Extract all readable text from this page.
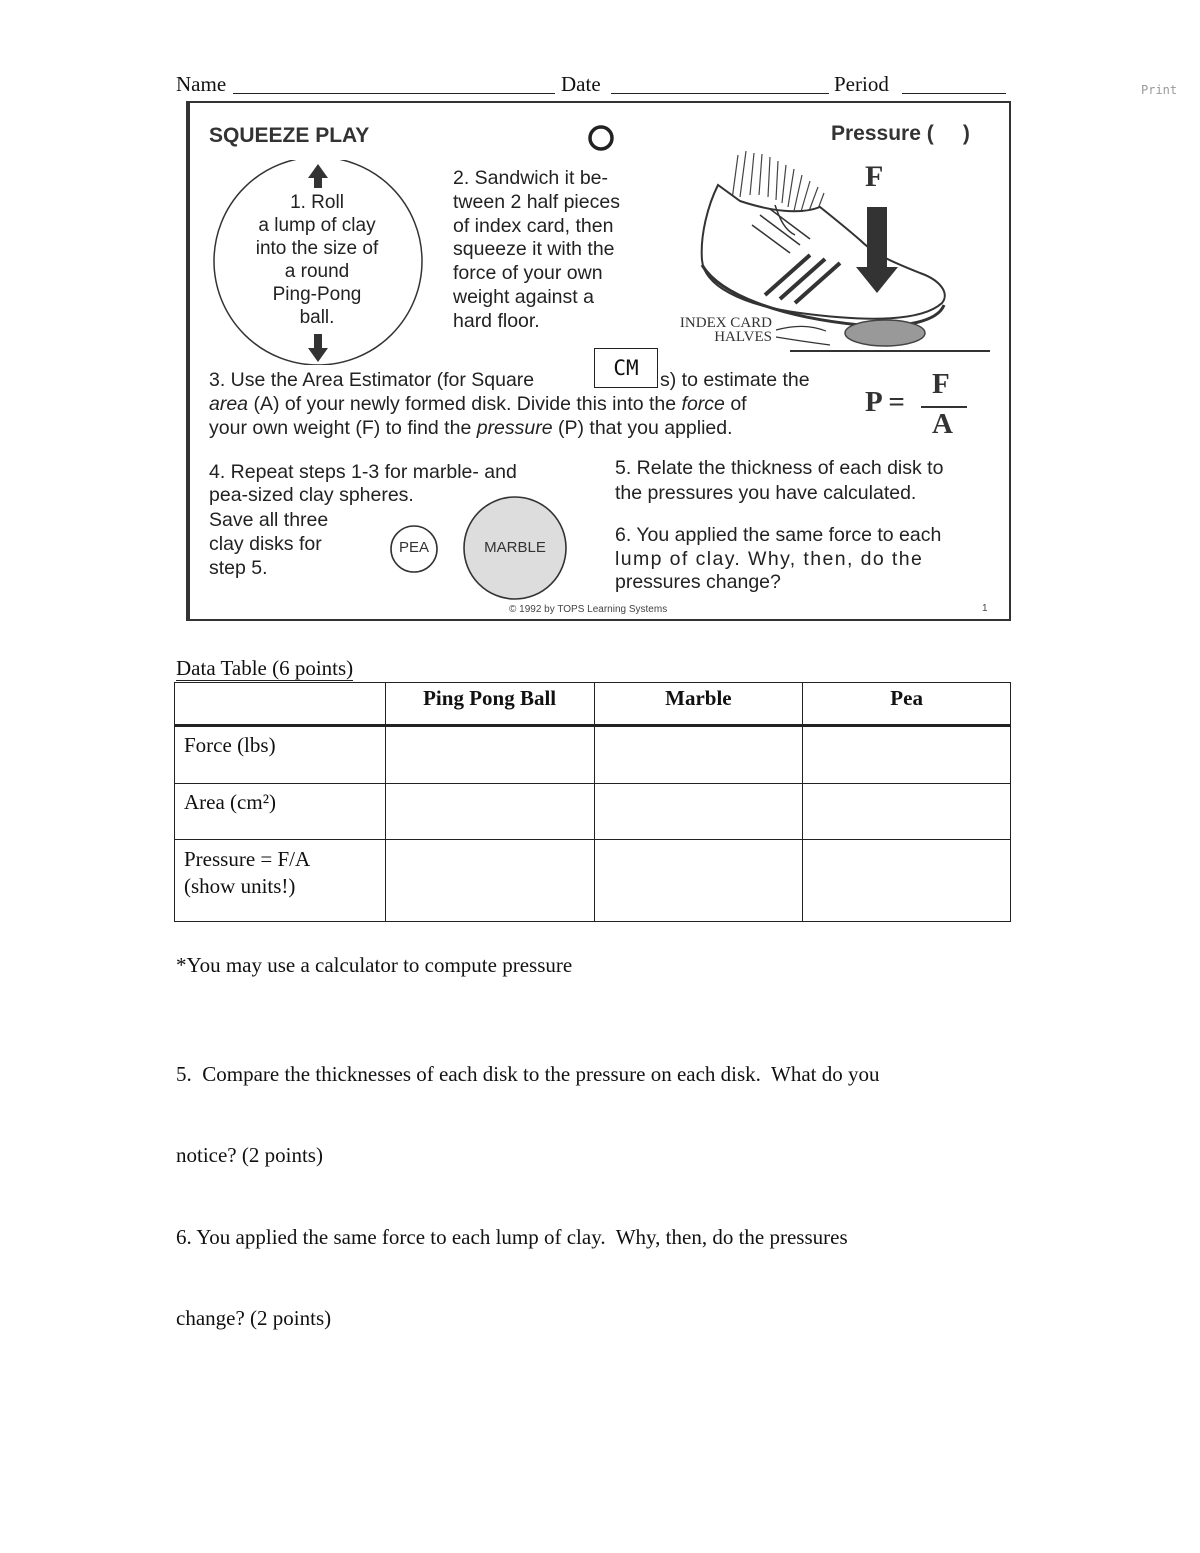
Name	Date	Period	Print
SQUEEZE PLAY	Pressure (     )
1. Roll
a lump of clay
into the size of
a round
Ping-Pong
ball.
2. Sandwich it be-
tween 2 half pieces
of index card, then
squeeze it with the
force of your own
weight against a
hard floor.
F
INDEX CARD
HALVES
3. Use the Area Estimator (for Square	CM	s) to estimate the
area (A) of your newly formed disk. Divide this into the force of
your own weight (F) to find the pressure (P) that you applied.
P =
F
A
4. Repeat steps 1-3 for marble- and
pea-sized clay spheres.
Save all three
clay disks for
step 5.
PEA	MARBLE
5. Relate the thickness of each disk to
the pressures you have calculated.
6. You applied the same force to each
lump of clay. Why, then, do the
pressures change?
© 1992 by TOPS Learning Systems	1
Data Table (6 points)
	Ping Pong Ball	Marble	Pea
Force (lbs)			
Area (cm²)			

Pressure = F/A
(show units!)			

*You may use a calculator to compute pressure

5.  Compare the thicknesses of each disk to the pressure on each disk.  What do you

notice? (2 points)

6. You applied the same force to each lump of clay.  Why, then, do the pressures

change? (2 points)
